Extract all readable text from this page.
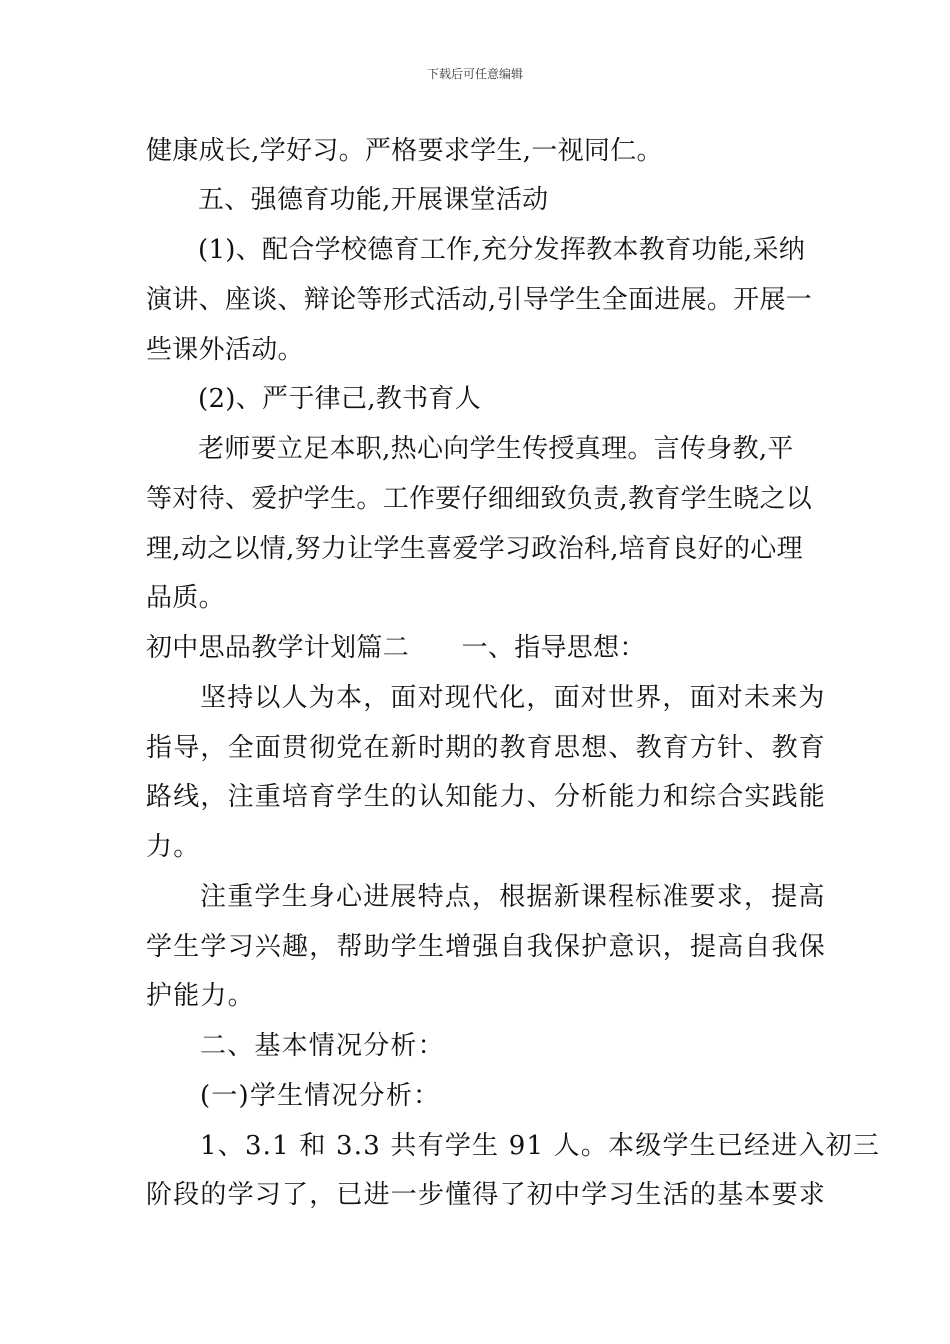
下载后可任意编辑
健康成长,学好习。严格要求学生,一视同仁。
五、强德育功能,开展课堂活动
(1)、配合学校德育工作,充分发挥教本教育功能,采纳
演讲、座谈、辩论等形式活动,引导学生全面进展。开展一
些课外活动。
(2)、严于律己,教书育人
老师要立足本职,热心向学生传授真理。言传身教,平
等对待、爱护学生。工作要仔细细致负责,教育学生晓之以
理,动之以情,努力让学生喜爱学习政治科,培育良好的心理
品质。
初中思品教学计划篇二　　一、指导思想：
坚持以人为本，面对现代化，面对世界，面对未来为
指导，全面贯彻党在新时期的教育思想、教育方针、教育
路线，注重培育学生的认知能力、分析能力和综合实践能
力。
注重学生身心进展特点，根据新课程标准要求，提高
学生学习兴趣，帮助学生增强自我保护意识，提高自我保
护能力。
二、基本情况分析：
(一)学生情况分析：
1、3.1 和 3.3 共有学生 91 人。本级学生已经进入初三
阶段的学习了，已进一步懂得了初中学习生活的基本要求
